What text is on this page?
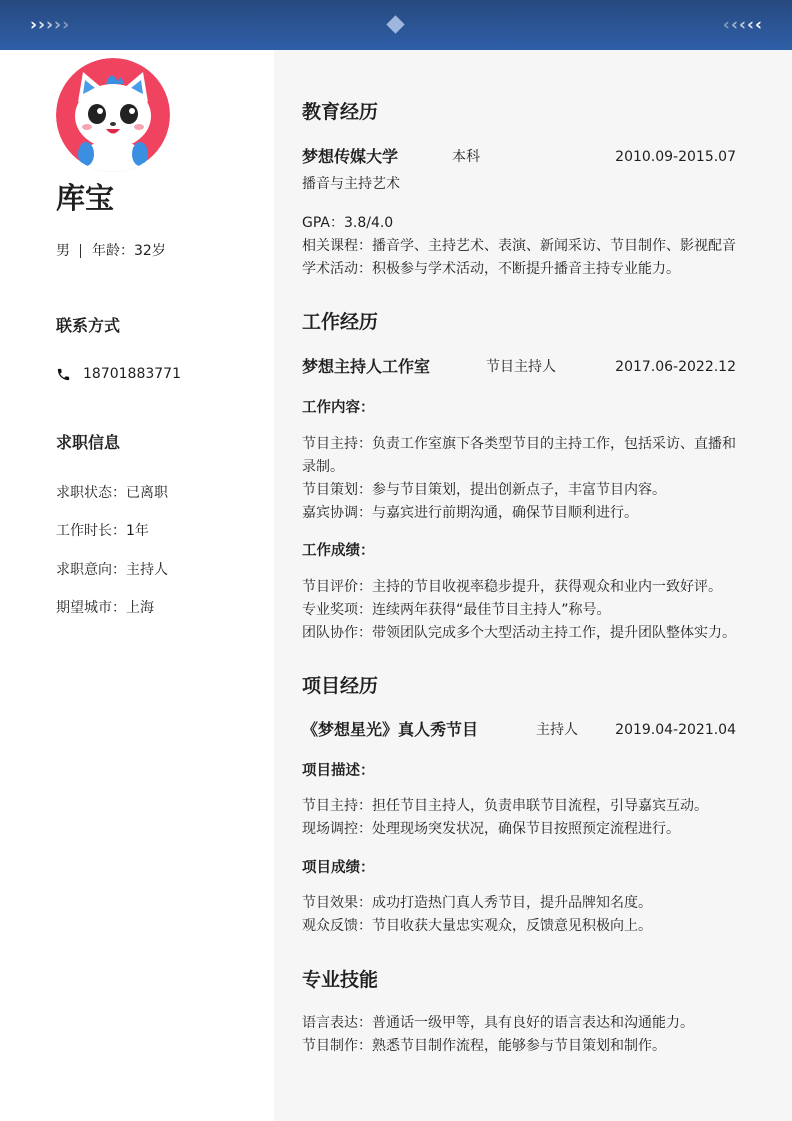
› › › › ›	‹ ‹ ‹ ‹ ‹
库宝
男 年龄：32岁
联系方式
18701883771
求职信息
求职状态：已离职
工作时长：1年
求职意向：主持人
期望城市：上海
教育经历
梦想传媒大学	本科	2010.09-2015.07
播音与主持艺术
GPA：3.8/4.0
相关课程：播音学、主持艺术、表演、新闻采访、节目制作、影视配音
学术活动：积极参与学术活动，不断提升播音主持专业能力。
工作经历
梦想主持人工作室	节目主持人	2017.06-2022.12
工作内容：
节目主持：负责工作室旗下各类型节目的主持工作，包括采访、直播和录制。
节目策划：参与节目策划，提出创新点子，丰富节目内容。
嘉宾协调：与嘉宾进行前期沟通，确保节目顺利进行。
工作成绩：
节目评价：主持的节目收视率稳步提升，获得观众和业内一致好评。
专业奖项：连续两年获得“最佳节目主持人”称号。
团队协作：带领团队完成多个大型活动主持工作，提升团队整体实力。
项目经历
《梦想星光》真人秀节目	主持人	2019.04-2021.04
项目描述：
节目主持：担任节目主持人，负责串联节目流程，引导嘉宾互动。
现场调控：处理现场突发状况，确保节目按照预定流程进行。
项目成绩：
节目效果：成功打造热门真人秀节目，提升品牌知名度。
观众反馈：节目收获大量忠实观众，反馈意见积极向上。
专业技能
语言表达：普通话一级甲等，具有良好的语言表达和沟通能力。
节目制作：熟悉节目制作流程，能够参与节目策划和制作。
